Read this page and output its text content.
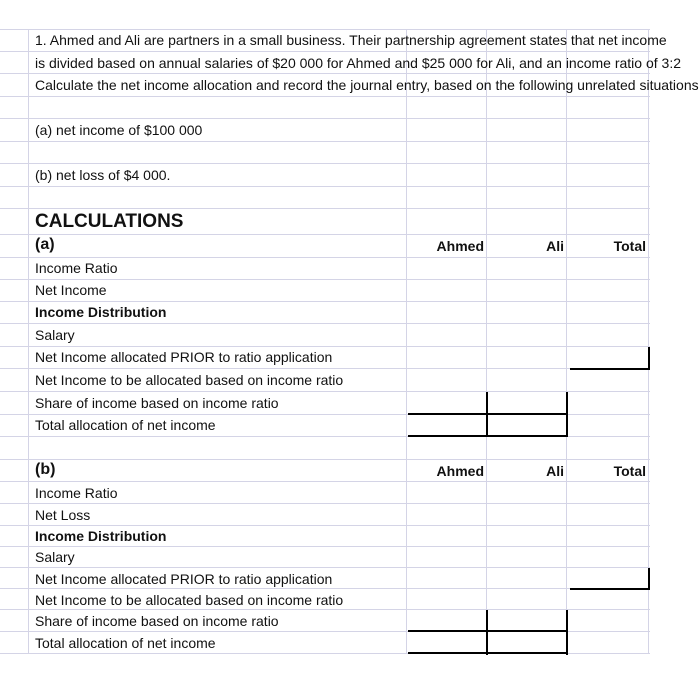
1. Ahmed and Ali are partners in a small business. Their partnership agreement states that net income
is divided based on annual salaries of $20 000 for Ahmed and $25 000 for Ali, and an income ratio of 3:2
Calculate the net income allocation and record the journal entry, based on the following unrelated situations
(a) net income of $100 000
(b) net loss of $4 000.
CALCULATIONS
(a)	Ahmed	Ali	Total
Income Ratio
Net Income
Income Distribution
Salary
Net Income allocated PRIOR to ratio application
Net Income to be allocated based on income ratio
Share of income based on income ratio
Total allocation of net income
(b)	Ahmed	Ali	Total
Income Ratio
Net Loss
Income Distribution
Salary
Net Income allocated PRIOR to ratio application
Net Income to be allocated based on income ratio
Share of income based on income ratio
Total allocation of net income
